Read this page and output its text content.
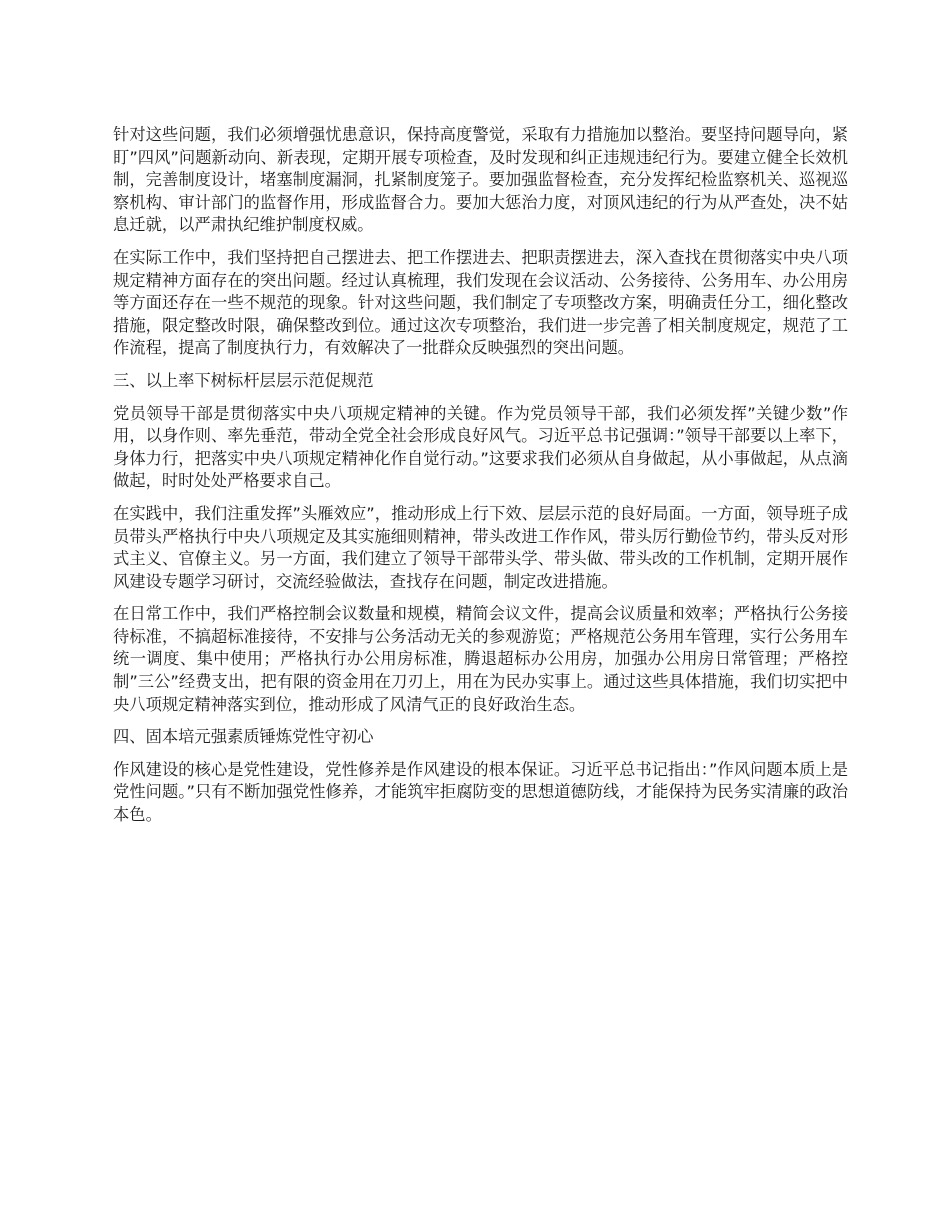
针对这些问题，我们必须增强忧患意识，保持高度警觉，采取有力措施加以整治。要坚持问题导向，紧盯”四风”问题新动向、新表现，定期开展专项检查，及时发现和纠正违规违纪行为。要建立健全长效机制，完善制度设计，堵塞制度漏洞，扎紧制度笼子。要加强监督检查，充分发挥纪检监察机关、巡视巡察机构、审计部门的监督作用，形成监督合力。要加大惩治力度，对顶风违纪的行为从严查处，决不姑息迁就，以严肃执纪维护制度权威。

在实际工作中，我们坚持把自己摆进去、把工作摆进去、把职责摆进去，深入查找在贯彻落实中央八项规定精神方面存在的突出问题。经过认真梳理，我们发现在会议活动、公务接待、公务用车、办公用房等方面还存在一些不规范的现象。针对这些问题，我们制定了专项整改方案，明确责任分工，细化整改措施，限定整改时限，确保整改到位。通过这次专项整治，我们进一步完善了相关制度规定，规范了工作流程，提高了制度执行力，有效解决了一批群众反映强烈的突出问题。

三、以上率下树标杆层层示范促规范

党员领导干部是贯彻落实中央八项规定精神的关键。作为党员领导干部，我们必须发挥”关键少数”作用，以身作则、率先垂范，带动全党全社会形成良好风气。习近平总书记强调：”领导干部要以上率下，身体力行，把落实中央八项规定精神化作自觉行动。”这要求我们必须从自身做起，从小事做起，从点滴做起，时时处处严格要求自己。

在实践中，我们注重发挥”头雁效应”，推动形成上行下效、层层示范的良好局面。一方面，领导班子成员带头严格执行中央八项规定及其实施细则精神，带头改进工作作风，带头厉行勤俭节约，带头反对形式主义、官僚主义。另一方面，我们建立了领导干部带头学、带头做、带头改的工作机制，定期开展作风建设专题学习研讨，交流经验做法，查找存在问题，制定改进措施。

在日常工作中，我们严格控制会议数量和规模，精简会议文件，提高会议质量和效率；严格执行公务接待标准，不搞超标准接待，不安排与公务活动无关的参观游览；严格规范公务用车管理，实行公务用车统一调度、集中使用；严格执行办公用房标准，腾退超标办公用房，加强办公用房日常管理；严格控制”三公”经费支出，把有限的资金用在刀刃上，用在为民办实事上。通过这些具体措施，我们切实把中央八项规定精神落实到位，推动形成了风清气正的良好政治生态。

四、固本培元强素质锤炼党性守初心

作风建设的核心是党性建设，党性修养是作风建设的根本保证。习近平总书记指出：”作风问题本质上是党性问题。”只有不断加强党性修养，才能筑牢拒腐防变的思想道德防线，才能保持为民务实清廉的政治本色。
